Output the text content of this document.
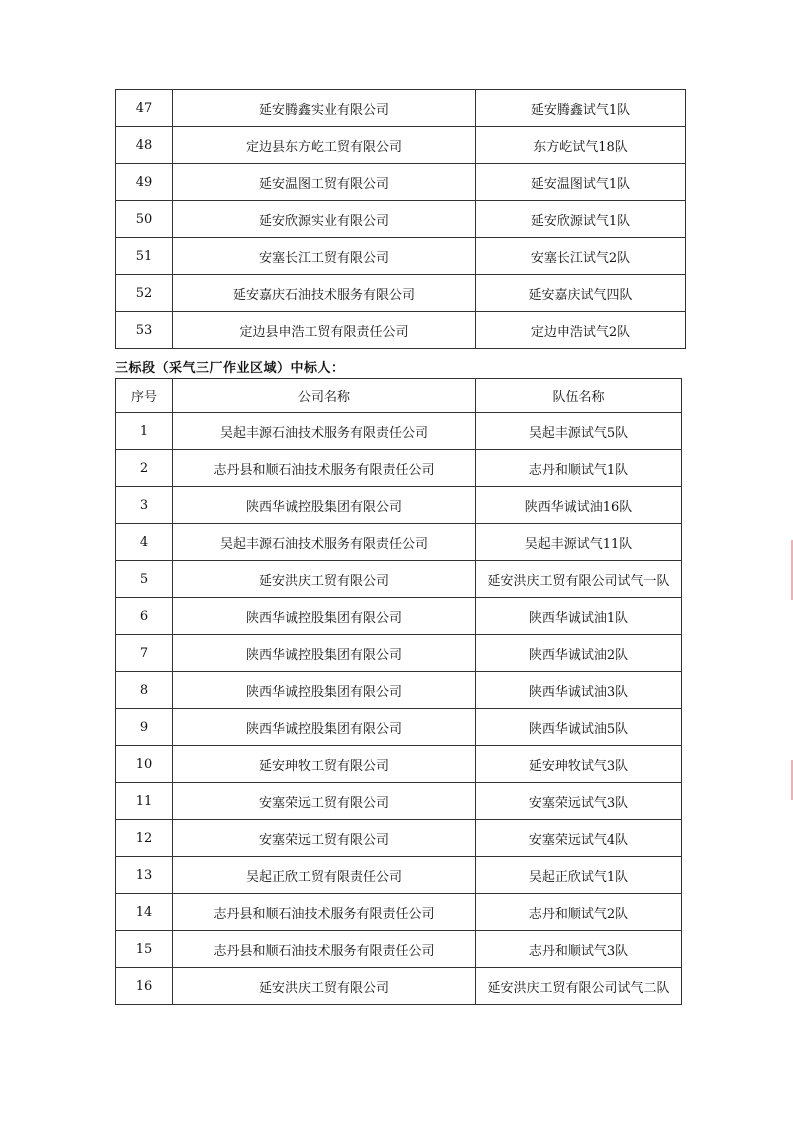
47	延安腾鑫实业有限公司	延安腾鑫试气1队
48	定边县东方屹工贸有限公司	东方屹试气18队
49	延安温图工贸有限公司	延安温图试气1队
50	延安欣源实业有限公司	延安欣源试气1队
51	安塞长江工贸有限公司	安塞长江试气2队
52	延安嘉庆石油技术服务有限公司	延安嘉庆试气四队
53	定边县申浩工贸有限责任公司	定边申浩试气2队
三标段（采气三厂作业区域）中标人：
序号	公司名称	队伍名称
1	吴起丰源石油技术服务有限责任公司	吴起丰源试气5队
2	志丹县和顺石油技术服务有限责任公司	志丹和顺试气1队
3	陕西华诚控股集团有限公司	陕西华诚试油16队
4	吴起丰源石油技术服务有限责任公司	吴起丰源试气11队
5	延安洪庆工贸有限公司	延安洪庆工贸有限公司试气一队
6	陕西华诚控股集团有限公司	陕西华诚试油1队
7	陕西华诚控股集团有限公司	陕西华诚试油2队
8	陕西华诚控股集团有限公司	陕西华诚试油3队
9	陕西华诚控股集团有限公司	陕西华诚试油5队
10	延安珅牧工贸有限公司	延安珅牧试气3队
11	安塞荣远工贸有限公司	安塞荣远试气3队
12	安塞荣远工贸有限公司	安塞荣远试气4队
13	吴起正欣工贸有限责任公司	吴起正欣试气1队
14	志丹县和顺石油技术服务有限责任公司	志丹和顺试气2队
15	志丹县和顺石油技术服务有限责任公司	志丹和顺试气3队
16	延安洪庆工贸有限公司	延安洪庆工贸有限公司试气二队
